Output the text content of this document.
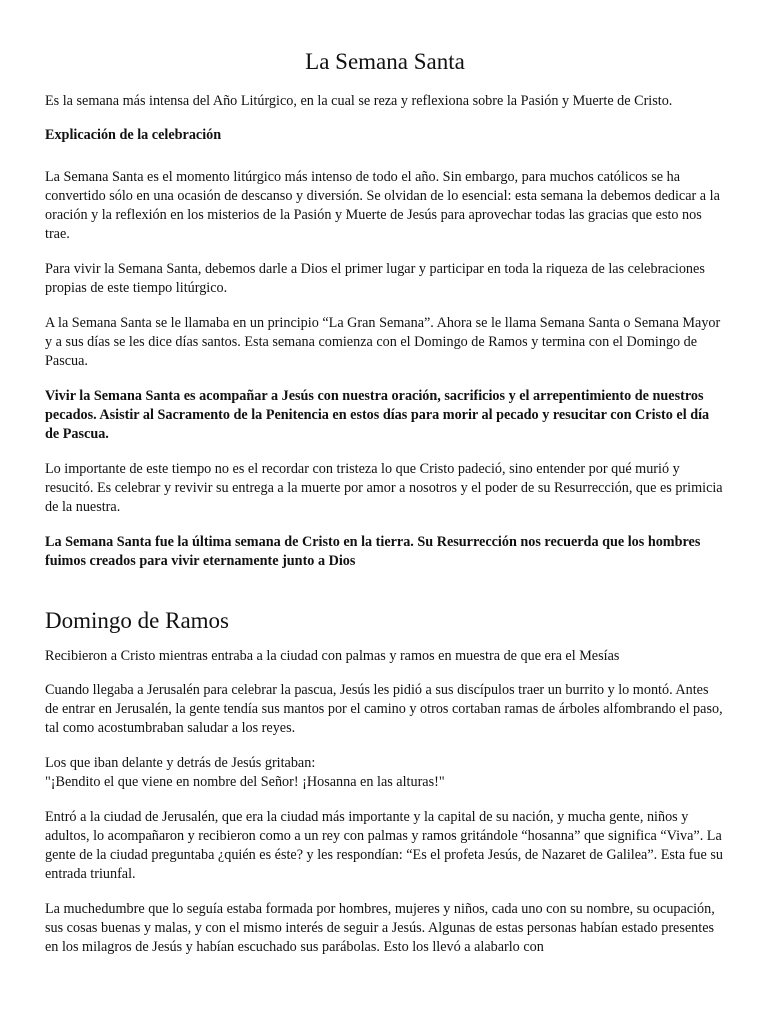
La Semana Santa

Es la semana más intensa del Año Litúrgico, en la cual se reza y reflexiona sobre la Pasión y Muerte de Cristo.

Explicación de la celebración

La Semana Santa es el momento litúrgico más intenso de todo el año. Sin embargo, para muchos católicos se ha convertido sólo en una ocasión de descanso y diversión. Se olvidan de lo esencial: esta semana la debemos dedicar a la oración y la reflexión en los misterios de la Pasión y Muerte de Jesús para aprovechar todas las gracias que esto nos trae.

Para vivir la Semana Santa, debemos darle a Dios el primer lugar y participar en toda la riqueza de las celebraciones propias de este tiempo litúrgico.

A la Semana Santa se le llamaba en un principio “La Gran Semana”. Ahora se le llama Semana Santa o Semana Mayor y a sus días se les dice días santos. Esta semana comienza con el Domingo de Ramos y termina con el Domingo de Pascua.

Vivir la Semana Santa es acompañar a Jesús con nuestra oración, sacrificios y el arrepentimiento de nuestros pecados. Asistir al Sacramento de la Penitencia en estos días para morir al pecado y resucitar con Cristo el día de Pascua.

Lo importante de este tiempo no es el recordar con tristeza lo que Cristo padeció, sino entender por qué murió y resucitó. Es celebrar y revivir su entrega a la muerte por amor a nosotros y el poder de su Resurrección, que es primicia de la nuestra.

La Semana Santa fue la última semana de Cristo en la tierra. Su Resurrección nos recuerda que los hombres fuimos creados para vivir eternamente junto a Dios

Domingo de Ramos

Recibieron a Cristo mientras entraba a la ciudad con palmas y ramos en muestra de que era el Mesías

Cuando llegaba a Jerusalén para celebrar la pascua, Jesús les pidió a sus discípulos traer un burrito y lo montó. Antes de entrar en Jerusalén, la gente tendía sus mantos por el camino y otros cortaban ramas de árboles alfombrando el paso, tal como acostumbraban saludar a los reyes.

Los que iban delante y detrás de Jesús gritaban:
"¡Bendito el que viene en nombre del Señor! ¡Hosanna en las alturas!"

Entró a la ciudad de Jerusalén, que era la ciudad más importante y la capital de su nación, y mucha gente, niños y adultos, lo acompañaron y recibieron como a un rey con palmas y ramos gritándole “hosanna” que significa “Viva”. La gente de la ciudad preguntaba ¿quién es éste? y les respondían: “Es el profeta Jesús, de Nazaret de Galilea”. Esta fue su entrada triunfal.

La muchedumbre que lo seguía estaba formada por hombres, mujeres y niños, cada uno con su nombre, su ocupación, sus cosas buenas y malas, y con el mismo interés de seguir a Jesús. Algunas de estas personas habían estado presentes en los milagros de Jesús y habían escuchado sus parábolas. Esto los llevó a alabarlo con
